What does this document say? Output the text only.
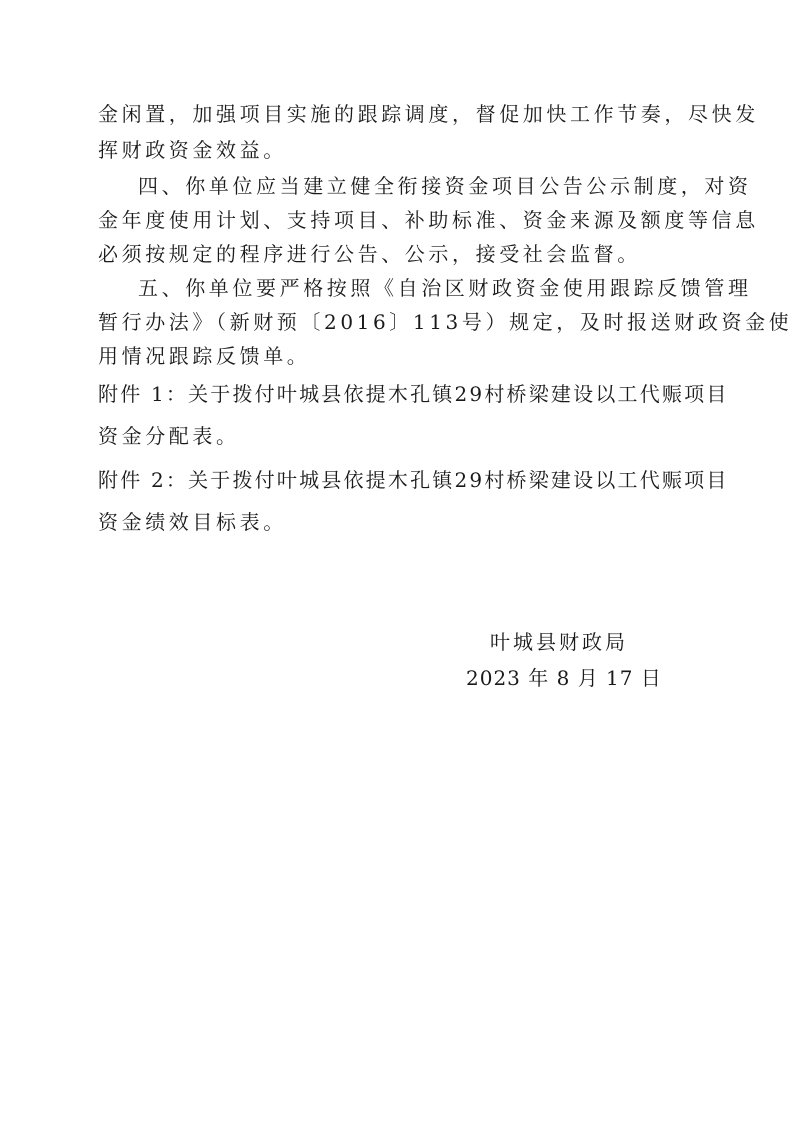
金闲置，加强项目实施的跟踪调度，督促加快工作节奏，尽快发
挥财政资金效益。
四、你单位应当建立健全衔接资金项目公告公示制度，对资
金年度使用计划、支持项目、补助标准、资金来源及额度等信息
必须按规定的程序进行公告、公示，接受社会监督。
五、你单位要严格按照《自治区财政资金使用跟踪反馈管理
暂行办法》（新财预〔2016〕113号）规定，及时报送财政资金使
用情况跟踪反馈单。
附件 1：关于拨付叶城县依提木孔镇29村桥梁建设以工代赈项目
资金分配表。
附件 2：关于拨付叶城县依提木孔镇29村桥梁建设以工代赈项目
资金绩效目标表。
叶城县财政局
2023 年 8 月 17 日
